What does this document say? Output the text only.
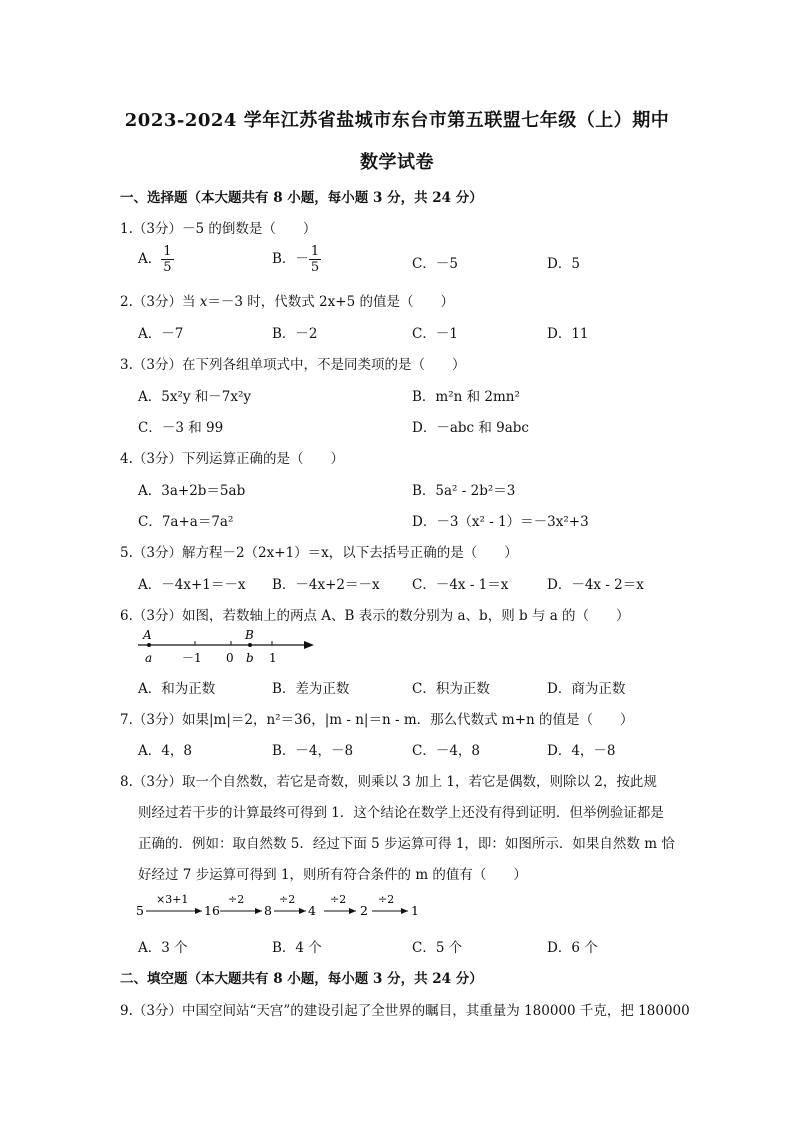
2023-2024 学年江苏省盐城市东台市第五联盟七年级（上）期中
数学试卷
一、选择题（本大题共有 8 小题，每小题 3 分，共 24 分）
1.（3分）－5 的倒数是（　　）
A． $\frac{1}{5}$	B．－ $\frac{1}{5}$	C．－5	D．5
2.（3分）当 x＝－3 时，代数式 2x+5 的值是（　　）
A．－7	B．－2	C．－1	D．11
3.（3分）在下列各组单项式中，不是同类项的是（　　）
A．5x²y 和－7x²y	B．m²n 和 2mn²
C．－3 和 99	D．－abc 和 9abc
4.（3分）下列运算正确的是（　　）
A．3a+2b＝5ab	B．5a² - 2b²＝3
C．7a+a＝7a²	D．－3（x² - 1）＝－3x²+3
5.（3分）解方程－2（2x+1）＝x，以下去括号正确的是（　　）
A．－4x+1＝－x B．－4x+2＝－x C．－4x - 1＝x	D．－4x - 2＝x
6.（3分）如图，若数轴上的两点 A、B 表示的数分别为 a、b，则 b 与 a 的（　　）
A	B
a －1 0 b 1
A．和为正数	B．差为正数	C．积为正数	D．商为正数
7.（3分）如果|m|＝2，n²＝36，|m - n|＝n - m．那么代数式 m+n 的值是（　　）
A．4，8	B．－4，－8	C．－4，8	D．4，－8
8.（3分）取一个自然数，若它是奇数，则乘以 3 加上 1，若它是偶数，则除以 2，按此规
则经过若干步的计算最终可得到 1．这个结论在数学上还没有得到证明．但举例验证都是
正确的．例如：取自然数 5．经过下面 5 步运算可得 1，即：如图所示．如果自然数 m 恰
好经过 7 步运算可得到 1，则所有符合条件的 m 的值有（　　）
5
×3+1
16
÷2
8
÷2
4
÷2
2
÷2
1
A．3 个	B．4 个	C．5 个	D．6 个
二、填空题（本大题共有 8 小题，每小题 3 分，共 24 分）
9.（3分）中国空间站“天宫”的建设引起了全世界的瞩目，其重量为 180000 千克，把 180000
